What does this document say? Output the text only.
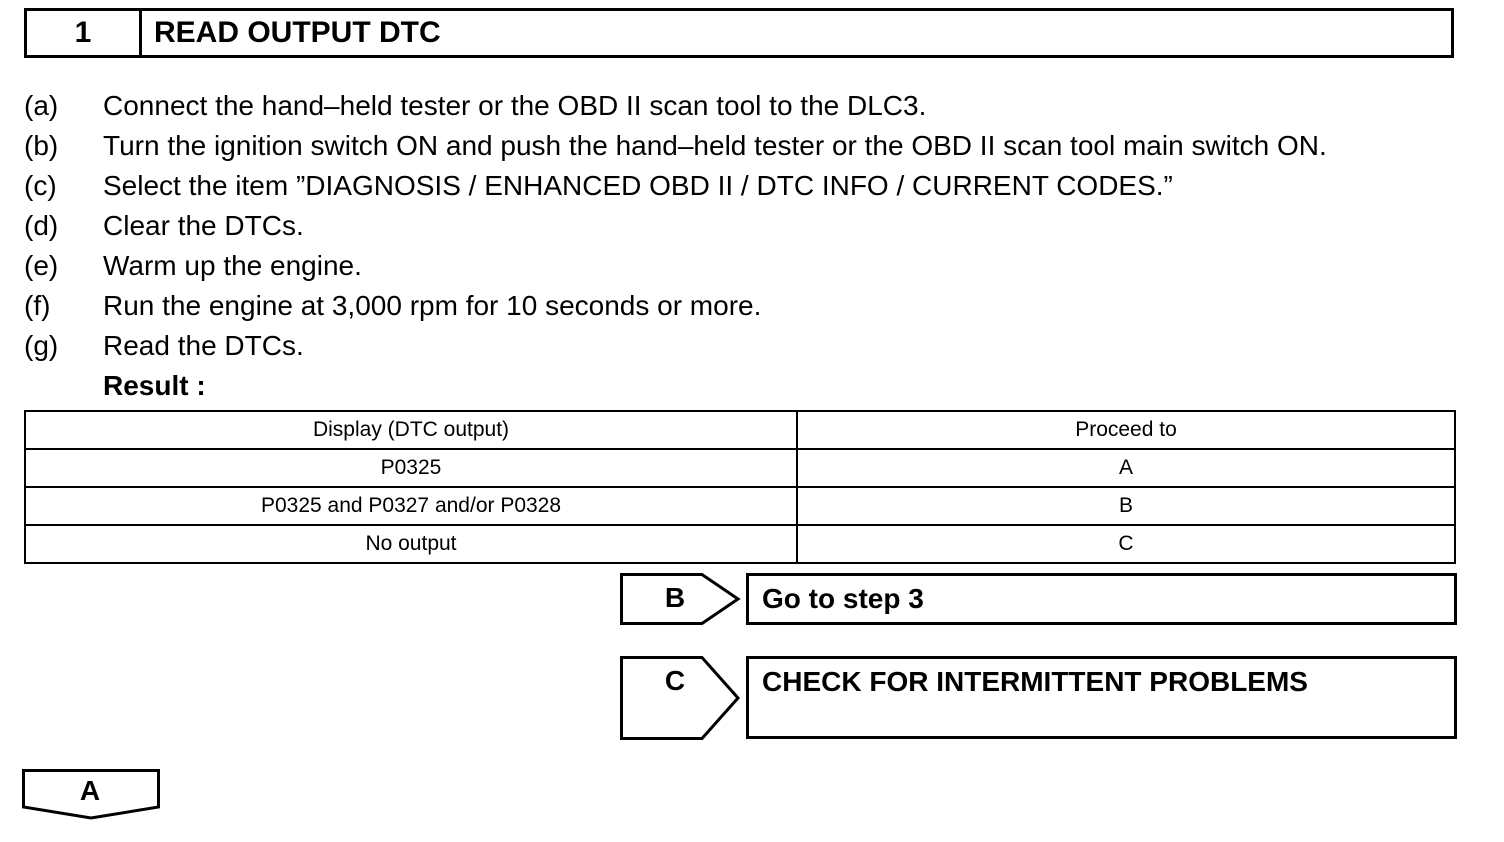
1	READ OUTPUT DTC
(a)	Connect the hand–held tester or the OBD II scan tool to the DLC3.
(b)	Turn the ignition switch ON and push the hand–held tester or the OBD II scan tool main switch ON.
(c)	Select the item ”DIAGNOSIS / ENHANCED OBD II / DTC INFO / CURRENT CODES.”
(d)	Clear the DTCs.
(e)	Warm up the engine.
(f)	Run the engine at 3,000 rpm for 10 seconds or more.
(g)	Read the DTCs.
Result :
Display (DTC output)	Proceed to
P0325	A
P0325 and P0327 and/or P0328	B
No output	C
B	Go to step 3
C	CHECK FOR INTERMITTENT PROBLEMS
A
